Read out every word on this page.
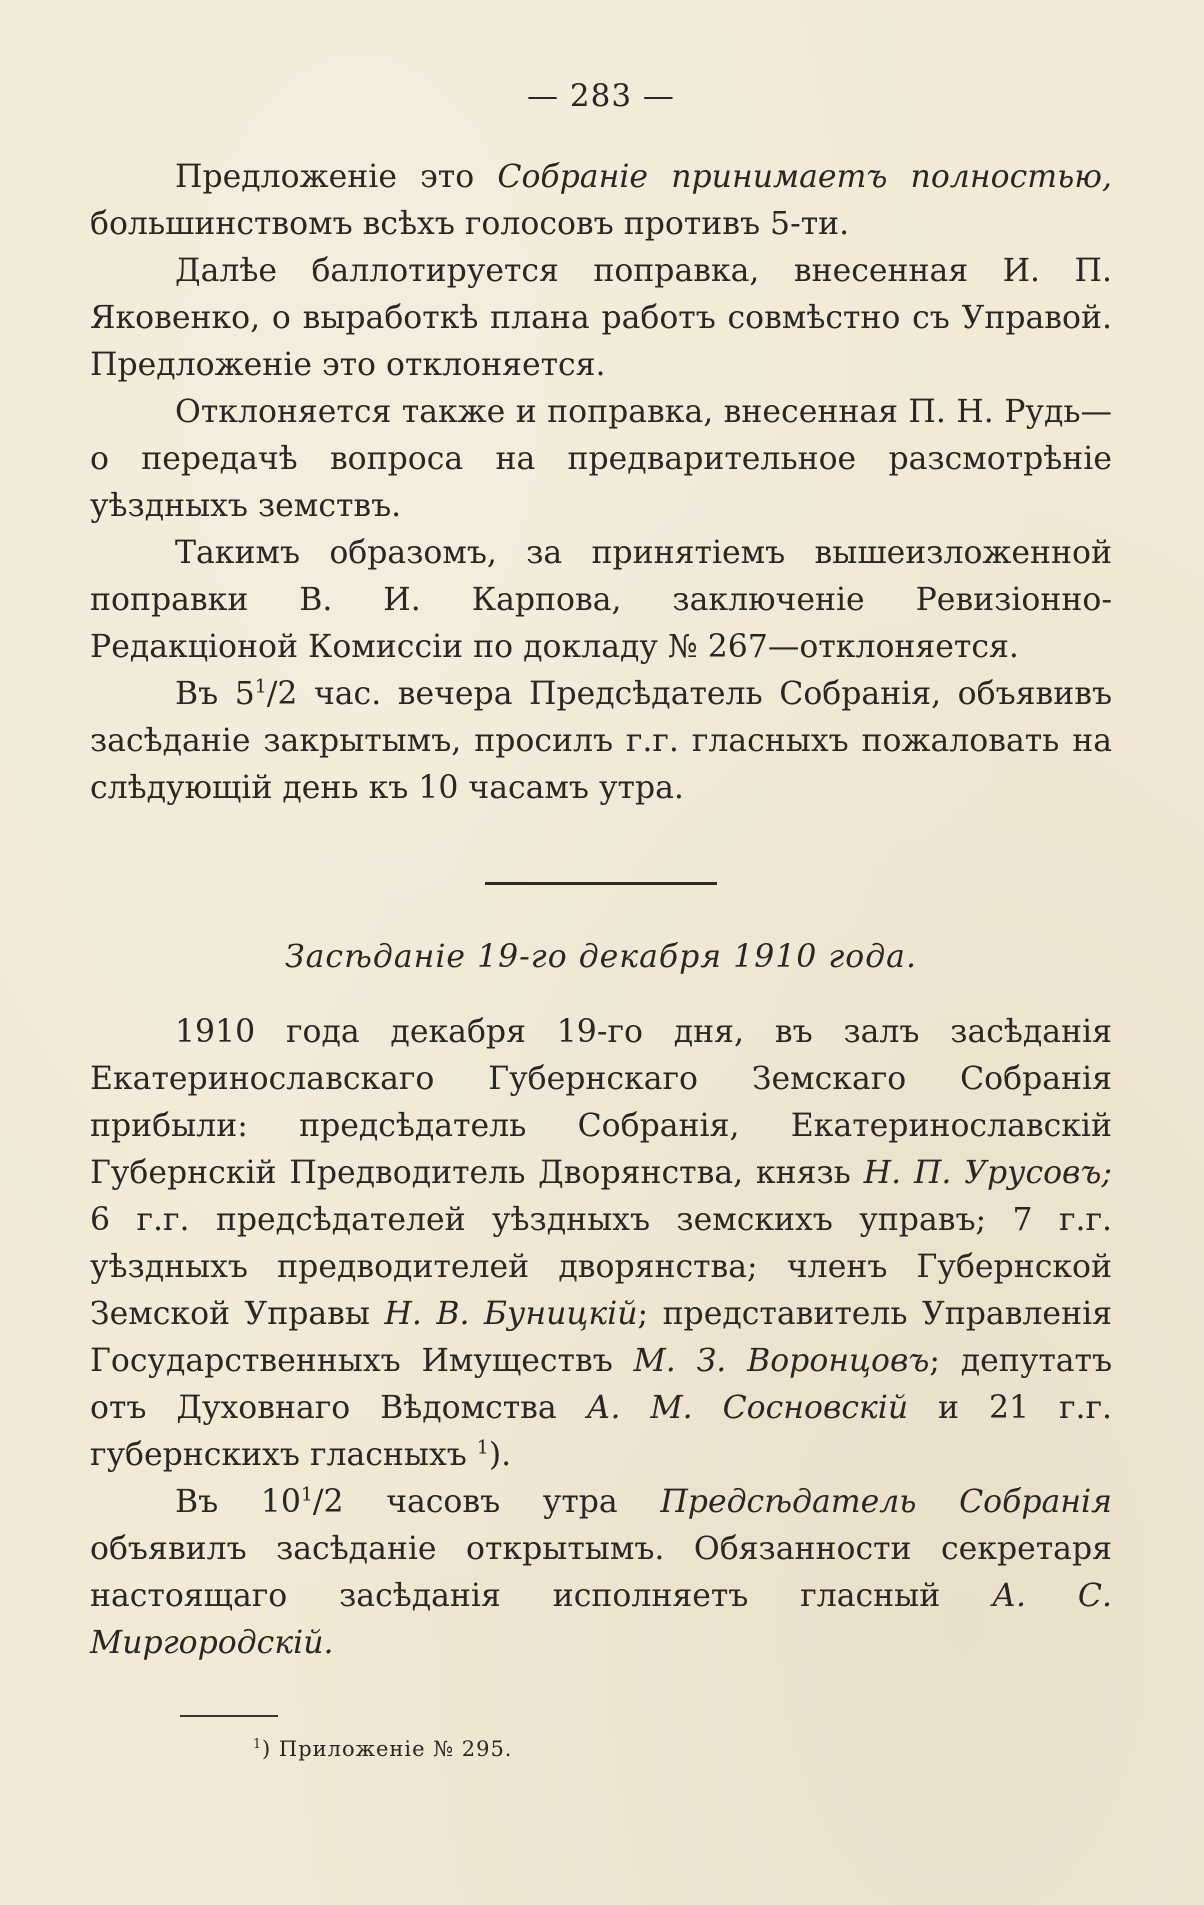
— 283 —

Предложеніе это Собраніе принимаетъ полностью, большинствомъ всѣхъ голосовъ противъ 5-ти.

Далѣе баллотируется поправка, внесенная И. П. Яковенко, о выработкѣ плана работъ совмѣстно съ Управой. Предложеніе это отклоняется.

Отклоняется также и поправка, внесенная П. Н. Рудь—о передачѣ вопроса на предварительное разсмотрѣніе уѣздныхъ земствъ.

Такимъ образомъ, за принятіемъ вышеизложенной поправки В. И. Карпова, заключеніе Ревизіонно-Редакціоной Комиссіи по докладу № 267—отклоняется.

Въ $5^1/2$ час. вечера Предсѣдатель Собранія, объявивъ засѣданіе закрытымъ, просилъ г.г. гласныхъ пожаловать на слѣдующій день къ 10 часамъ утра.

Засѣданіе 19-го декабря 1910 года.

1910 года декабря 19-го дня, въ залъ засѣданія Екатеринославскаго Губернскаго Земскаго Собранія прибыли: предсѣдатель Собранія, Екатеринославскій Губернскій Предводитель Дворянства, князь Н. П. Урусовъ; 6 г.г. предсѣдателей уѣздныхъ земскихъ управъ; 7 г.г. уѣздныхъ предводителей дворянства; членъ Губернской Земской Управы Н. В. Буницкій; представитель Управленія Государственныхъ Имуществъ М. З. Воронцовъ; депутатъ отъ Духовнаго Вѣдомства А. М. Сосновскій и 21 г.г. губернскихъ гласныхъ $^1$).

Въ $10^1/2$ часовъ утра Предсѣдатель Собранія объявилъ засѣданіе открытымъ. Обязанности секретаря настоящаго засѣданія исполняетъ гласный А. С. Миргородскій.

$^1$) Приложеніе № 295.
